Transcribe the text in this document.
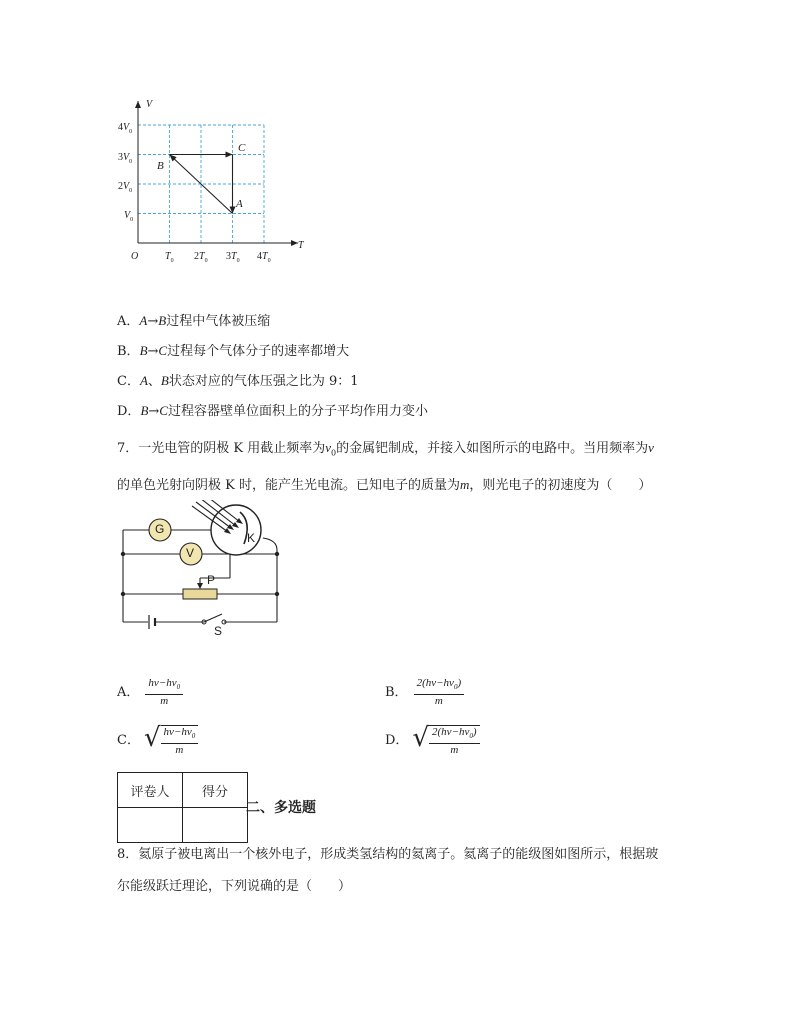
V
T
O
$4V_0$
$3V_0$
$2V_0$
$V_0$
$T_0$ $2T_0$ $3T_0$ $4T_0$
A
B
C
A．A→B过程中气体被压缩
B．B→C过程每个气体分子的速率都增大
C．A、B状态对应的气体压强之比为 9：1
D．B→C过程容器壁单位面积上的分子平均作用力变小
7．一光电管的阴极 K 用截止频率为$\nu_0$的金属钯制成，并接入如图所示的电路中。当用频率为ν
的单色光射向阴极 K 时，能产生光电流。已知电子的质量为m，则光电子的初速度为（　　）
G
V
K
P
S
A． $\frac{h\nu-h\nu_0}{m}$	B． $\frac{2(h\nu-h\nu_0)}{m}$
C． √ $\frac{h\nu-h\nu_0}{m}$	D． √ $\frac{2(h\nu-h\nu_0)}{m}$
评卷人	得分

二、多选题
8．氦原子被电离出一个核外电子，形成类氢结构的氦离子。氦离子的能级图如图所示，根据玻
尔能级跃迁理论，下列说确的是（　　）
